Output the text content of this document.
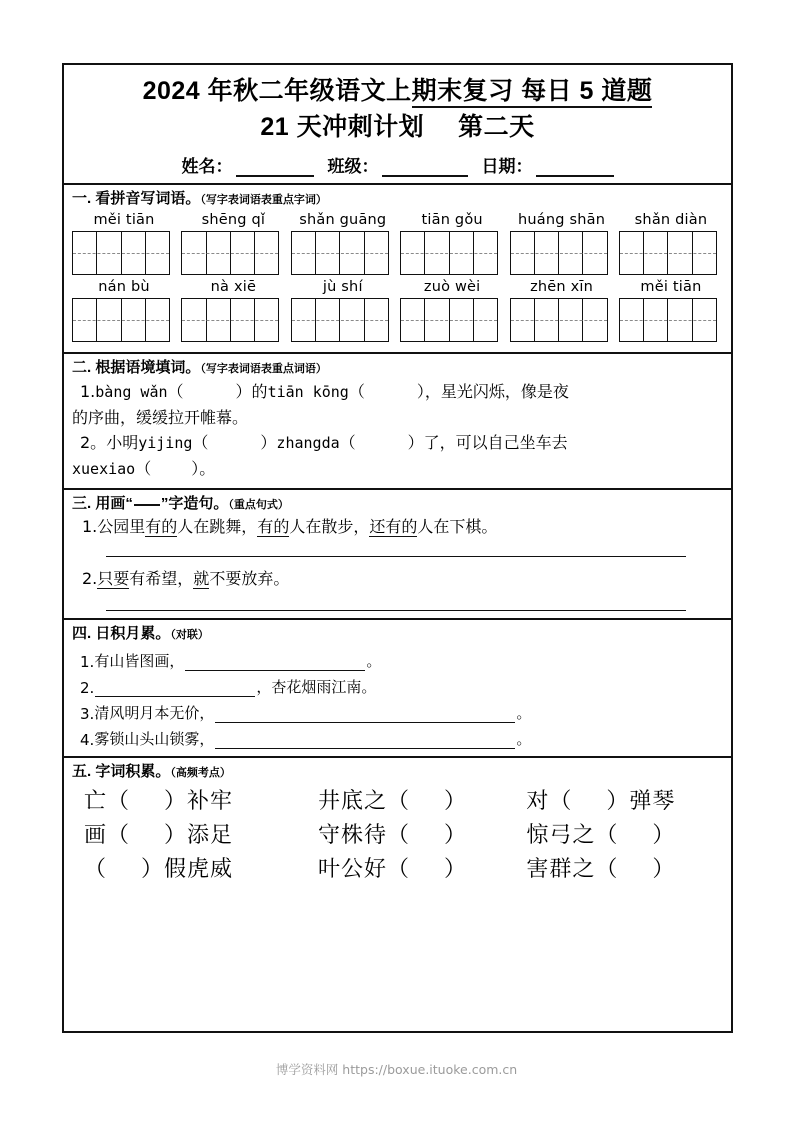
2024 年秋二年级语文上期末复习 每日 5 道题
21 天冲刺计划 第二天
姓名：	班级：	日期：
一. 看拼音写词语。（写字表词语表重点字词）
měi tiān	shēng qǐ	shǎn guāng	tiān gǒu	huáng shān	shǎn diàn
nán bù	nà xiē	jù shí	zuò wèi	zhēn xīn	měi tiān
二. 根据语境填词。（写字表词语表重点词语）
1.bàng wǎn（	）的tiān kōng（	），星光闪烁，像是夜
的序曲，缓缓拉开帷幕。
2。小明yijing（	）zhangda（	）了，可以自己坐车去
xuexiao（	）。
三. 用画“ ”字造句。（重点句式）
1.公园里有的人在跳舞，有的人在散步，还有的人在下棋。
2.只要有希望，就不要放弃。
四. 日积月累。（对联）
1. 有山皆图画，	。
2.	，杏花烟雨江南。
3. 清风明月本无价，	。
4. 雾锁山头山锁雾，	。
五. 字词积累。（高频考点）
亡（ ）补牢	井底之（ ）	对（ ）弹琴
画（ ）添足	守株待（ ）	惊弓之（ ）
（ ）假虎威	叶公好（ ）	害群之（ ）
博学资料网 https://boxue.ituoke.com.cn
